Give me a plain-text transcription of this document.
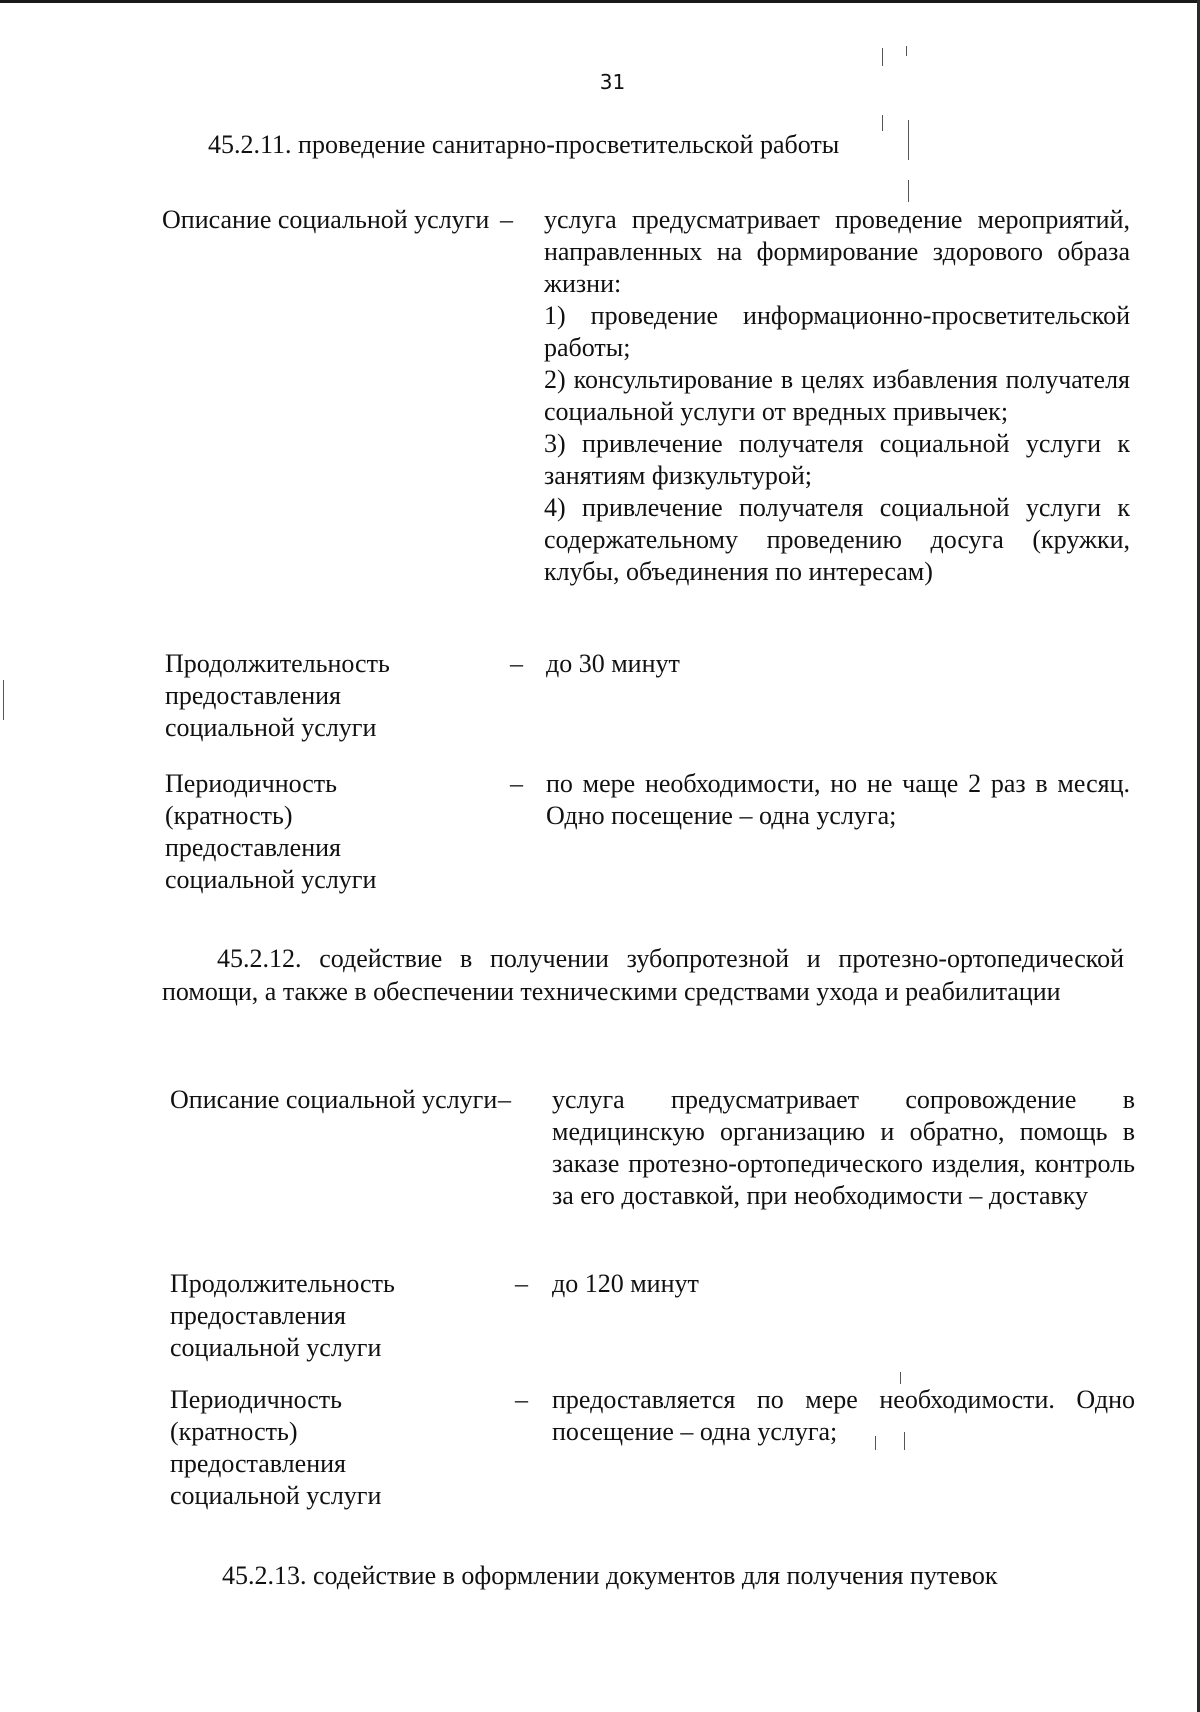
31
45.2.11. проведение санитарно-просветительской работы
Описание социальной услуги – услуга предусматривает проведение мероприятий, направленных на формирование здорового образа жизни:

1) проведение информационно-просветительской работы;

2) консультирование в целях избавления получателя социальной услуги от вредных привычек;

3) привлечение получателя социальной услуги к занятиям физкультурой;

4) привлечение получателя социальной услуги к содержательному проведению досуга (кружки, клубы, объединения по интересам)

Продолжительность предоставления социальной услуги
– до 30 минут

Периодичность (кратность) предоставления социальной услуги
– по мере необходимости, но не чаще 2 раз в месяц. Одно посещение – одна услуга;

45.2.12. содействие в получении зубопротезной и протезно-ортопедической помощи, а также в обеспечении техническими средствами ухода и реабилитации
Описание социальной услуги – услуга предусматривает сопровождение в медицинскую организацию и обратно, помощь в заказе протезно-ортопедического изделия, контроль за его доставкой, при необходимости – доставку

Продолжительность предоставления социальной услуги
– до 120 минут

Периодичность (кратность) предоставления социальной услуги
– предоставляется по мере необходимости. Одно посещение – одна услуга;

45.2.13. содействие в оформлении документов для получения путевок
